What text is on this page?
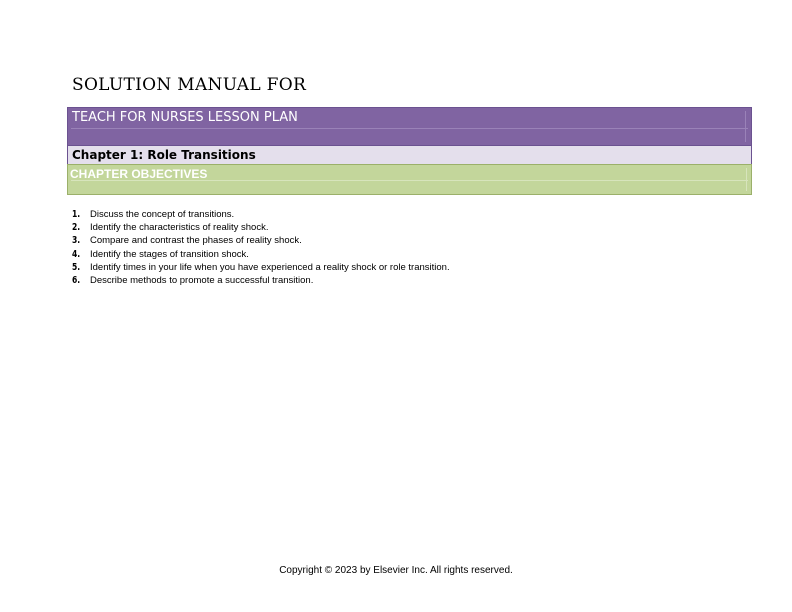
SOLUTION MANUAL FOR
TEACH FOR NURSES LESSON PLAN
Chapter 1: Role Transitions
CHAPTER OBJECTIVES
1. Discuss the concept of transitions.
2. Identify the characteristics of reality shock.
3. Compare and contrast the phases of reality shock.
4. Identify the stages of transition shock.
5. Identify times in your life when you have experienced a reality shock or role transition.
6. Describe methods to promote a successful transition.
Copyright © 2023 by Elsevier Inc. All rights reserved.
